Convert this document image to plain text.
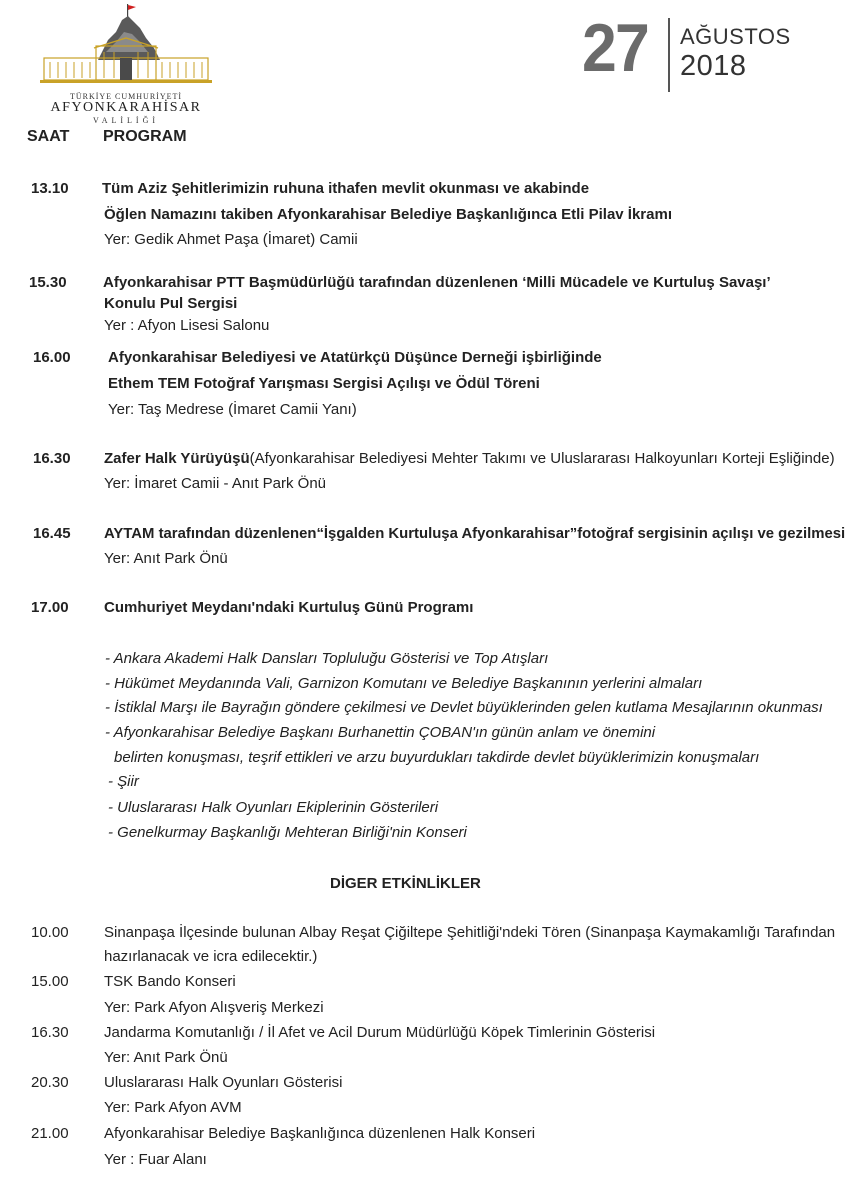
TÜRKİYE CUMHURİYETİ
AFYONKARAHİSAR
VALİLİĞİ
27 AĞUSTOS
2018
SAAT PROGRAM
13.10 Tüm Aziz Şehitlerimizin ruhuna ithafen mevlit okunması ve akabinde
Öğlen Namazını takiben Afyonkarahisar Belediye Başkanlığınca Etli Pilav İkramı
Yer: Gedik Ahmet Paşa (İmaret) Camii
15.30 Afyonkarahisar PTT Başmüdürlüğü tarafından düzenlenen ‘Milli Mücadele ve Kurtuluş Savaşı’
Konulu Pul Sergisi
Yer : Afyon Lisesi Salonu
16.00 Afyonkarahisar Belediyesi ve Atatürkçü Düşünce Derneği işbirliğinde
Ethem TEM Fotoğraf Yarışması Sergisi Açılışı ve Ödül Töreni
Yer: Taş Medrese (İmaret Camii Yanı)
16.30 Zafer Halk Yürüyüşü(Afyonkarahisar Belediyesi Mehter Takımı ve Uluslararası Halkoyunları Korteji Eşliğinde)
Yer: İmaret Camii - Anıt Park Önü
16.45 AYTAM tarafından düzenlenen“İşgalden Kurtuluşa Afyonkarahisar”fotoğraf sergisinin açılışı ve gezilmesi
Yer: Anıt Park Önü
17.00 Cumhuriyet Meydanı'ndaki Kurtuluş Günü Programı
- Ankara Akademi Halk Dansları Topluluğu Gösterisi ve Top Atışları
- Hükümet Meydanında Vali, Garnizon Komutanı ve Belediye Başkanının yerlerini almaları
- İstiklal Marşı ile Bayrağın göndere çekilmesi ve Devlet büyüklerinden gelen kutlama Mesajlarının okunması
- Afyonkarahisar Belediye Başkanı Burhanettin ÇOBAN'ın günün anlam ve önemini
belirten konuşması, teşrif ettikleri ve arzu buyurdukları takdirde devlet büyüklerimizin konuşmaları
- Şiir
- Uluslararası Halk Oyunları Ekiplerinin Gösterileri
- Genelkurmay Başkanlığı Mehteran Birliği'nin Konseri
DİGER ETKİNLİKLER
10.00 Sinanpaşa İlçesinde bulunan Albay Reşat Çiğiltepe Şehitliği'ndeki Tören (Sinanpaşa Kaymakamlığı Tarafından
hazırlanacak ve icra edilecektir.)
15.00 TSK Bando Konseri
Yer: Park Afyon Alışveriş Merkezi
16.30 Jandarma Komutanlığı / İl Afet ve Acil Durum Müdürlüğü Köpek Timlerinin Gösterisi
Yer: Anıt Park Önü
20.30 Uluslararası Halk Oyunları Gösterisi
Yer: Park Afyon AVM
21.00 Afyonkarahisar Belediye Başkanlığınca düzenlenen Halk Konseri
Yer : Fuar Alanı
